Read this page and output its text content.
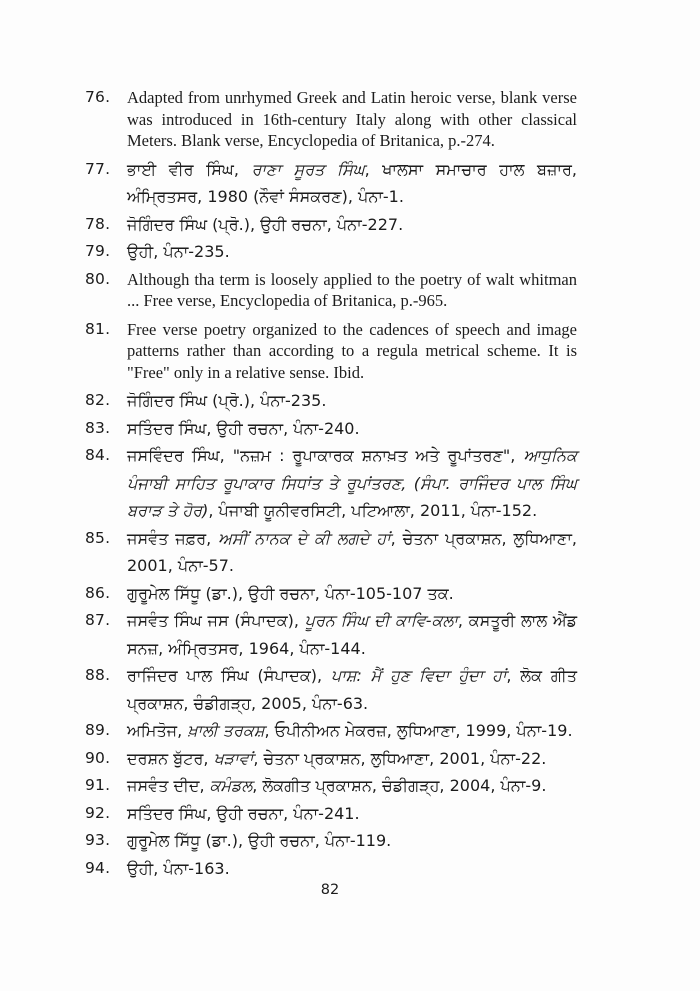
76.	Adapted from unrhymed Greek and Latin heroic verse, blank verse was introduced in 16th-century Italy along with other classical Meters. Blank verse, Encyclopedia of Britanica, p.-274.
77.	ਭਾਈ ਵੀਰ ਸਿੰਘ, ਰਾਣਾ ਸੂਰਤ ਸਿੰਘ, ਖਾਲਸਾ ਸਮਾਚਾਰ ਹਾਲ ਬਜ਼ਾਰ, ਅੰਮ੍ਰਿਤਸਰ, 1980 (ਨੌਵਾਂ ਸੰਸਕਰਣ), ਪੰਨਾ-1.
78.	ਜੋਗਿੰਦਰ ਸਿੰਘ (ਪ੍ਰੋ.), ਉਹੀ ਰਚਨਾ, ਪੰਨਾ-227.
79.	ਉਹੀ, ਪੰਨਾ-235.
80.	Although tha term is loosely applied to the poetry of walt whitman ... Free verse, Encyclopedia of Britanica, p.-965.
81.	Free verse poetry organized to the cadences of speech and image patterns rather than according to a regula metrical scheme. It is "Free" only in a relative sense. Ibid.
82.	ਜੋਗਿੰਦਰ ਸਿੰਘ (ਪ੍ਰੋ.), ਪੰਨਾ-235.
83.	ਸਤਿੰਦਰ ਸਿੰਘ, ਉਹੀ ਰਚਨਾ, ਪੰਨਾ-240.
84.	ਜਸਵਿੰਦਰ ਸਿੰਘ, "ਨਜ਼ਮ : ਰੂਪਾਕਾਰਕ ਸ਼ਨਾਖ਼ਤ ਅਤੇ ਰੂਪਾਂਤਰਣ", ਆਧੁਨਿਕ ਪੰਜਾਬੀ ਸਾਹਿਤ ਰੂਪਾਕਾਰ ਸਿਧਾਂਤ ਤੇ ਰੂਪਾਂਤਰਣ, (ਸੰਪਾ. ਰਾਜਿੰਦਰ ਪਾਲ ਸਿੰਘ ਬਰਾੜ ਤੇ ਹੋਰ), ਪੰਜਾਬੀ ਯੂਨੀਵਰਸਿਟੀ, ਪਟਿਆਲਾ, 2011, ਪੰਨਾ-152.
85.	ਜਸਵੰਤ ਜਫ਼ਰ, ਅਸੀਂ ਨਾਨਕ ਦੇ ਕੀ ਲਗਦੇ ਹਾਂ, ਚੇਤਨਾ ਪ੍ਰਕਾਸ਼ਨ, ਲੁਧਿਆਣਾ, 2001, ਪੰਨਾ-57.
86.	ਗੁਰੂਮੇਲ ਸਿੱਧੂ (ਡਾ.), ਉਹੀ ਰਚਨਾ, ਪੰਨਾ-105-107 ਤਕ.
87.	ਜਸਵੰਤ ਸਿੰਘ ਜਸ (ਸੰਪਾਦਕ), ਪੂਰਨ ਸਿੰਘ ਦੀ ਕਾਵਿ-ਕਲਾ, ਕਸਤੂਰੀ ਲਾਲ ਐਂਡ ਸਨਜ਼, ਅੰਮ੍ਰਿਤਸਰ, 1964, ਪੰਨਾ-144.
88.	ਰਾਜਿੰਦਰ ਪਾਲ ਸਿੰਘ (ਸੰਪਾਦਕ), ਪਾਸ਼: ਮੈਂ ਹੁਣ ਵਿਦਾ ਹੁੰਦਾ ਹਾਂ, ਲੋਕ ਗੀਤ ਪ੍ਰਕਾਸ਼ਨ, ਚੰਡੀਗੜ੍ਹ, 2005, ਪੰਨਾ-63.
89.	ਅਮਿਤੋਜ, ਖ਼ਾਲੀ ਤਰਕਸ਼, ਓਪੀਨੀਅਨ ਮੇਕਰਜ਼, ਲੁਧਿਆਣਾ, 1999, ਪੰਨਾ-19.
90.	ਦਰਸ਼ਨ ਬੁੱਟਰ, ਖੜਾਵਾਂ, ਚੇਤਨਾ ਪ੍ਰਕਾਸ਼ਨ, ਲੁਧਿਆਣਾ, 2001, ਪੰਨਾ-22.
91.	ਜਸਵੰਤ ਦੀਦ, ਕਮੰਡਲ, ਲੋਕਗੀਤ ਪ੍ਰਕਾਸ਼ਨ, ਚੰਡੀਗੜ੍ਹ, 2004, ਪੰਨਾ-9.
92.	ਸਤਿੰਦਰ ਸਿੰਘ, ਉਹੀ ਰਚਨਾ, ਪੰਨਾ-241.
93.	ਗੁਰੂਮੇਲ ਸਿੱਧੂ (ਡਾ.), ਉਹੀ ਰਚਨਾ, ਪੰਨਾ-119.
94.	ਉਹੀ, ਪੰਨਾ-163.
82
